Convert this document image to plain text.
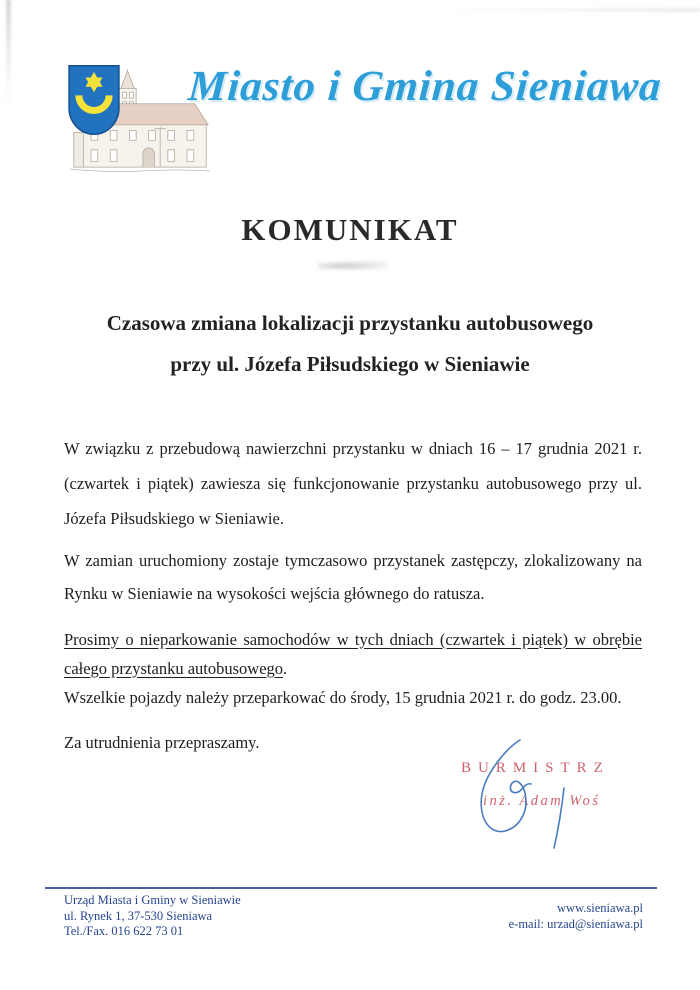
Miasto i Gmina Sieniawa
KOMUNIKAT
Czasowa zmiana lokalizacji przystanku autobusowego
przy ul. Józefa Piłsudskiego w Sieniawie

W związku z przebudową nawierzchni przystanku w dniach 16 – 17 grudnia 2021 r. (czwartek i piątek) zawiesza się funkcjonowanie przystanku autobusowego przy ul. Józefa Piłsudskiego w Sieniawie.

W zamian uruchomiony zostaje tymczasowo przystanek zastępczy, zlokalizowany na Rynku w Sieniawie na wysokości wejścia głównego do ratusza.

Prosimy o nieparkowanie samochodów w tych dniach (czwartek i piątek) w obrębie całego przystanku autobusowego.

Wszelkie pojazdy należy przeparkować do środy, 15 grudnia 2021 r. do godz. 23.00.

Za utrudnienia przepraszamy.

BURMISTRZ
inż. Adam Woś
Urząd Miasta i Gminy w Sieniawie
ul. Rynek 1, 37-530 Sieniawa
Tel./Fax. 016 622 73 01
www.sieniawa.pl
e-mail: urzad@sieniawa.pl
